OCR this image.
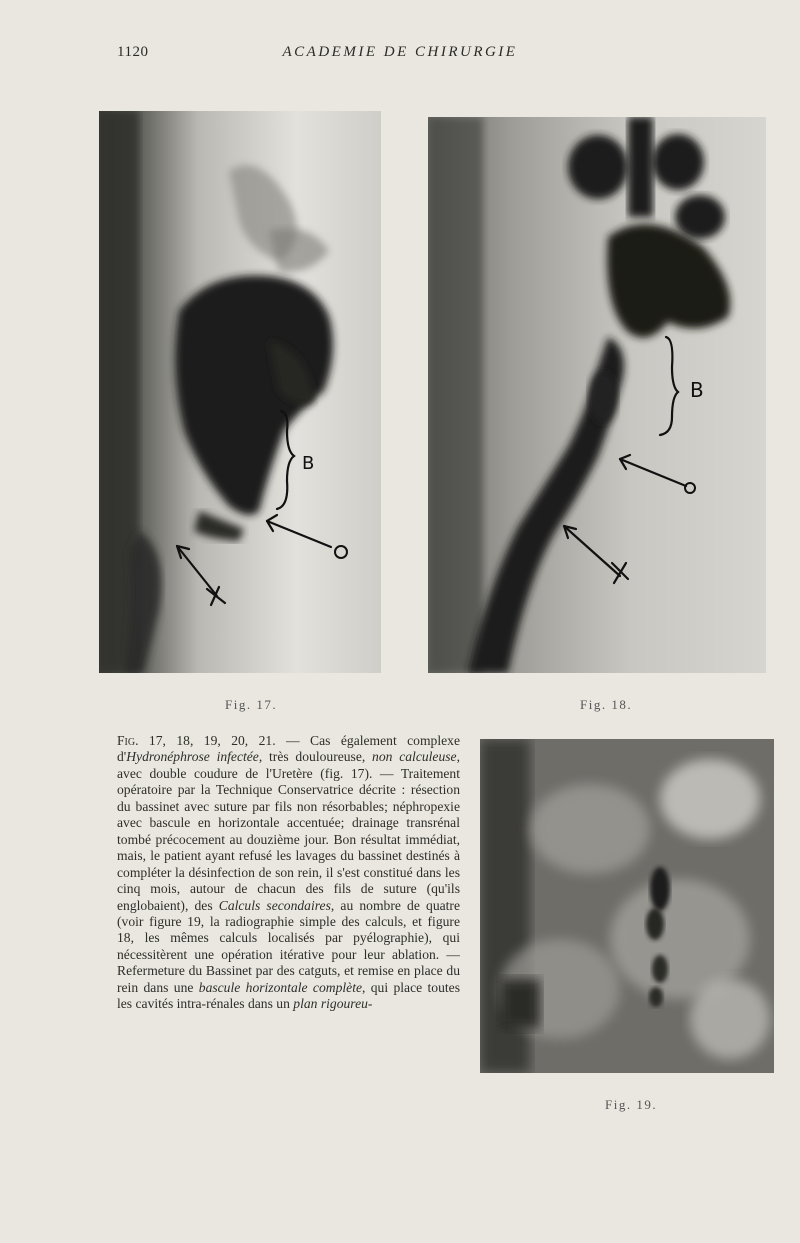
1120	ACADEMIE DE CHIRURGIE
B
Fig. 17.
B
Fig. 18.
Fig. 19.

Fig. 17, 18, 19, 20, 21. — Cas également complexe d'Hydronéphrose infectée, très douloureuse, non calculeuse, avec double coudure de l'Uretère (fig. 17). — Traitement opératoire par la Technique Conservatrice décrite : résection du bassinet avec suture par fils non résorbables; néphropexie avec bascule en horizontale accentuée; drainage transrénal tombé précocement au douzième jour. Bon résultat immédiat, mais, le patient ayant refusé les lavages du bassinet destinés à compléter la désinfection de son rein, il s'est constitué dans les cinq mois, autour de chacun des fils de suture (qu'ils englobaient), des Calculs secondaires, au nombre de quatre (voir figure 19, la radiographie simple des calculs, et figure 18, les mêmes calculs localisés par pyélographie), qui nécessitèrent une opération itérative pour leur ablation. — Refermeture du Bassinet par des catguts, et remise en place du rein dans une bascule horizontale complète, qui place toutes les cavités intra-rénales dans un plan rigoureu-
